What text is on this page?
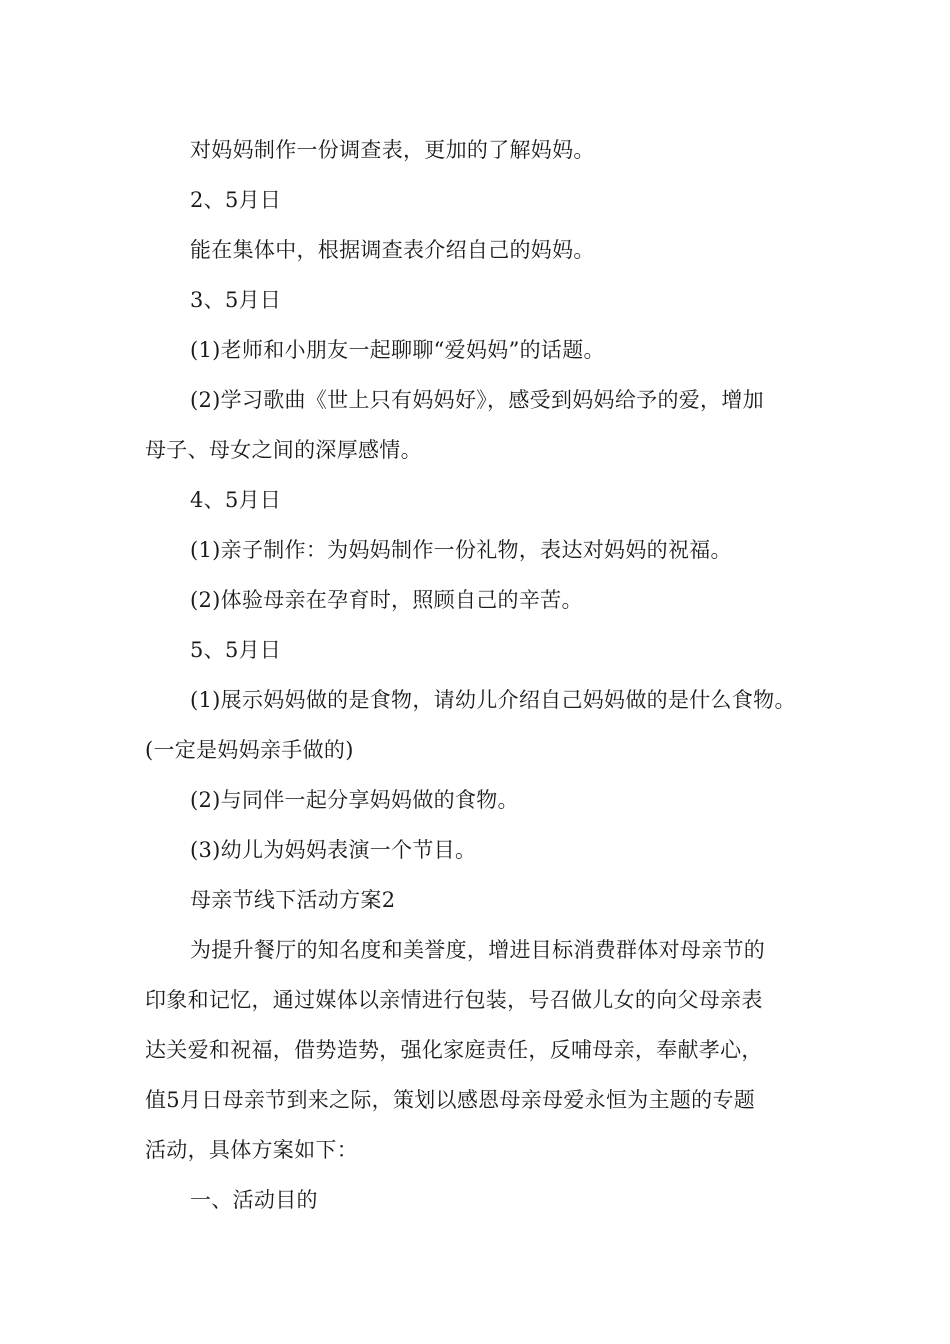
对妈妈制作一份调查表，更加的了解妈妈。
2、5月日
能在集体中，根据调查表介绍自己的妈妈。
3、5月日
(1)老师和小朋友一起聊聊“爱妈妈”的话题。
(2)学习歌曲《世上只有妈妈好》，感受到妈妈给予的爱，增加
母子、母女之间的深厚感情。
4、5月日
(1)亲子制作：为妈妈制作一份礼物，表达对妈妈的祝福。
(2)体验母亲在孕育时，照顾自己的辛苦。
5、5月日
(1)展示妈妈做的是食物，请幼儿介绍自己妈妈做的是什么食物。
(一定是妈妈亲手做的)
(2)与同伴一起分享妈妈做的食物。
(3)幼儿为妈妈表演一个节目。
母亲节线下活动方案2
为提升餐厅的知名度和美誉度，增进目标消费群体对母亲节的
印象和记忆，通过媒体以亲情进行包装，号召做儿女的向父母亲表
达关爱和祝福，借势造势，强化家庭责任，反哺母亲，奉献孝心，
值5月日母亲节到来之际，策划以感恩母亲母爱永恒为主题的专题
活动，具体方案如下：
一、活动目的
